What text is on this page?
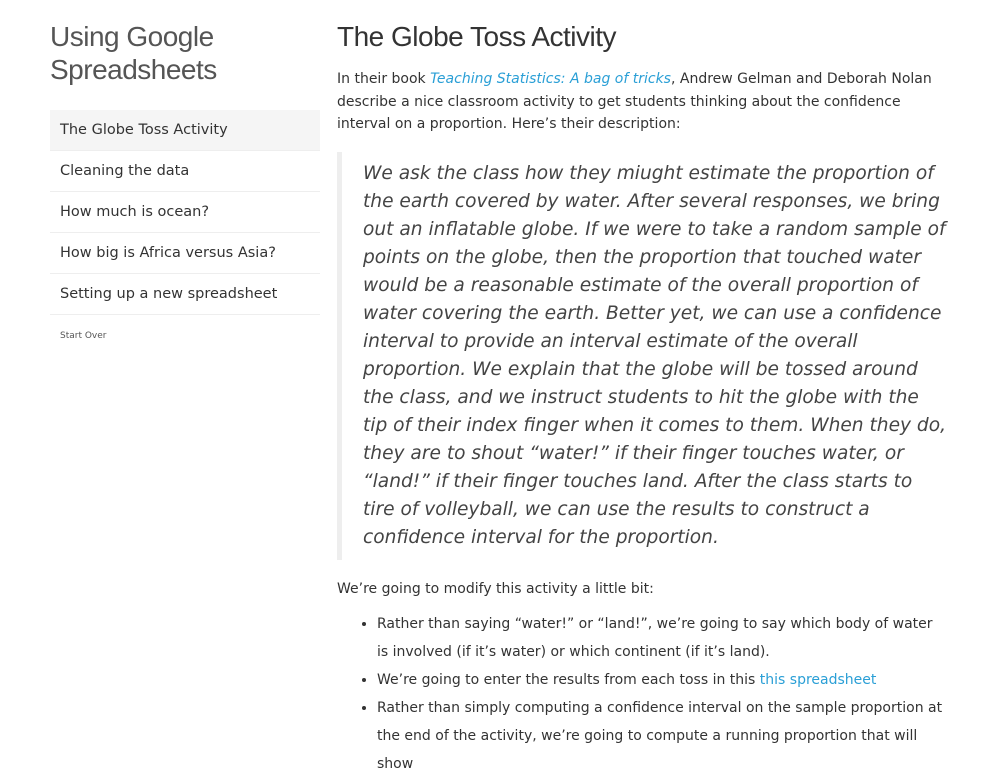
Using Google
Spreadsheets
The Globe Toss Activity
Cleaning the data
How much is ocean?
How big is Africa versus Asia?
Setting up a new spreadsheet
Start Over
The Globe Toss Activity

In their book Teaching Statistics: A bag of tricks, Andrew Gelman and Deborah Nolan describe a nice classroom activity to get students thinking about the confidence interval on a proportion. Here’s their description:

We ask the class how they miught estimate the proportion of the earth covered by water. After several responses, we bring out an inflatable globe. If we were to take a random sample of points on the globe, then the proportion that touched water would be a reasonable estimate of the overall proportion of water covering the earth. Better yet, we can use a confidence interval to provide an interval estimate of the overall proportion. We explain that the globe will be tossed around the class, and we instruct students to hit the globe with the tip of their index finger when it comes to them. When they do, they are to shout “water!” if their finger touches water, or “land!” if their finger touches land. After the class starts to tire of volleyball, we can use the results to construct a confidence interval for the proportion.

We’re going to modify this activity a little bit:

• Rather than saying “water!” or “land!”, we’re going to say which body of water is involved (if it’s water) or which continent (if it’s land).
• We’re going to enter the results from each toss in this this spreadsheet
• Rather than simply computing a confidence interval on the sample proportion at the end of the activity, we’re going to compute a running proportion that will show
